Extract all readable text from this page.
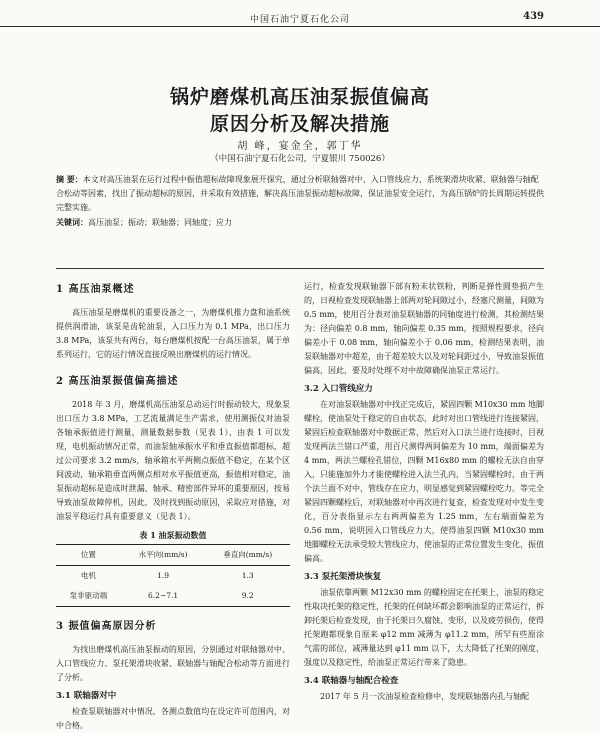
中国石油宁夏石化公司	439
锅炉磨煤机高压油泵振值偏高
原因分析及解决措施
胡 峰，宴金全，郭丁华
（中国石油宁夏石化公司，宁夏银川 750026）
摘 要：本文对高压油泵在运行过程中振值超标故障现象展开探究，通过分析联轴器对中、入口管线应力、系统架滑块收紧、联轴器与轴配合松动等因素，找出了振动超标的原因，并采取有效措施，解决高压油泵振动超标故障，保证油泵安全运行，为高压锅炉的长周期运转提供完整实施。
关键词：高压油泵；振动；联轴器；同轴度；应力
1 高压油泵概述

高压油泵是磨煤机的重要设备之一，为磨煤机推力盘和油系统提供润滑油，该泵是齿轮油泵，入口压力为 0.1 MPa，出口压力 3.8 MPa，该泵共有两台，每台磨煤机按配一台高压油泵，属于单系列运行，它的运行情况直接反映出磨煤机的运行情况。

2 高压油泵振值偏高描述

2018 年 3 月，磨煤机高压油泵总动运行时振动较大，现象泵出口压力 3.8 MPa，工艺流量满足生产需求，使用测振仪对油泵各轴承振值进行测量，测量数据参数（见表 1），由表 1 可以发现，电机振动情况正常，而油泵轴承振水平和垂直振值都超标，超过公司要求 3.2 mm/s，轴承箱水平两侧点振值不稳定，在某个区间波动，轴承箱垂直两侧点相对水平振值更高，振值相对稳定，油泵振动超标是造成时泄漏、轴承、精密部件异坏的重要原因，按易导致油泵故障停机，因此，及时找到振动原因，采取应对措施，对油泵平稳运行具有重要意义（见表 1）。

表 1 油泵振动数值
位置	水平向(mm/s)	垂直向(mm/s)
电机	1.9	1.3
泵非驱动端	6.2~7.1	9.2
3 振值偏高原因分析

为找出磨煤机高压油泵振动的原因，分别通过对联轴器对中、入口管线应力、泵托架滑块收紧、联轴器与轴配合松动等方面进行了分析。

3.1 联轴器对中

检查泵联轴器对中情况，各测点数值均在设定许可范围内，对中合格。

运行，检查发现联轴器下部有粉末状铁粉，判断是弹性圆垫损产生的，日视检查发现联轴器上部两对轮间隙过小，经塞尺测量，间隙为 0.5 mm，使用百分表对油泵联轴器的同轴度进行检测，其检测结果为：径向偏差 0.8 mm，轴向偏差 0.35 mm，按照规程要求，径向偏差小于 0.08 mm，轴向偏差小于 0.06 mm，检测结果表明，油泵联轴器对中超差，由于超差较大以及对轮间距过小，导致油泵振值偏高，因此，要及时处理不对中故障确保油泵正常运行。

3.2 入口管线应力

在对油泵联轴器对中找正完成后，紧固四颗 M10x30 mm 地脚螺栓，使油泵处于稳定的自由状态，此时对出口管线进行连接紧固，紧固后检查联轴器对中数据正常，然后对入口法兰进行连接时，目视发现两法兰错口严重，用百尺测得两间偏差为 10 mm，端面偏差为 4 mm，两法兰螺栓孔错位，四颗 M16x80 mm 的螺栓无法自由穿入，只能施加外力才能使螺栓进入法兰孔内，当紧固螺栓时，由于两个法兰面不对中，管线存在应力，明显感觉到紧固螺栓吃力。等完全紧固四颗螺栓后，对联轴器对中再次进行复查，检查发现对中发生变化，百分表指显示左右两两偏差为 1.25 mm，左右端面偏差为 0.56 mm，说明因入口管线应力大，使得油泵四颗 M10x30 mm 地脚螺栓无法承受较大管线应力，使油泵的正常位置发生变化，振值偏高。

3.3 泵托架滑块恢复

油泵依靠两颗 M12x30 mm 的螺栓固定在托架上，油泵的稳定性取决托架的稳定性，托架的任何缺坏都会影响油泵的正常运行，拆卸托架后检查发现，由于托架日久腐蚀、变形，以及疲劳损伤，使得托架跑都现象自原来 φ12 mm 减薄为 φ11.2 mm，所罕有些原涂气需的部位，减薄量达到 φ11 mm 以下，大大降低了托架的刚度，强度以及稳定性，给油泵正常运行带来了隐患。

3.4 联轴器与轴配合检查

2017 年 5 月一次油泵检查检修中，发现联轴器内孔与轴配
